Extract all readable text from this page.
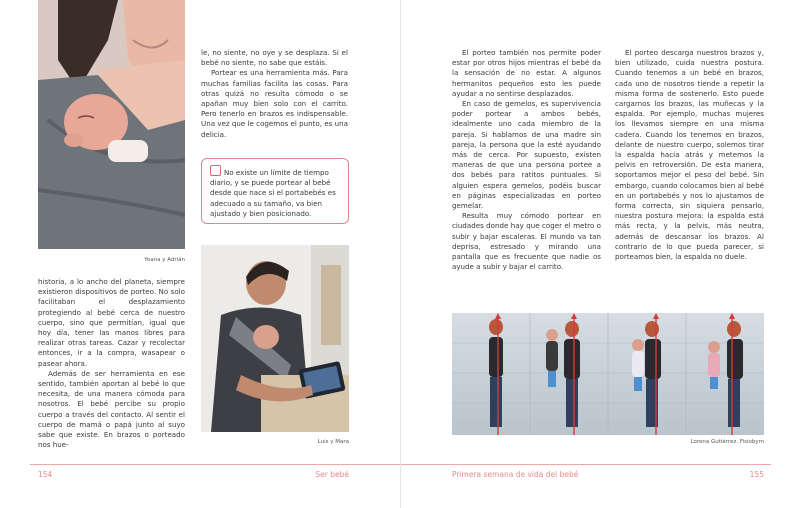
Yoana y Adrián

le, no siente, no oye y se desplaza. Si el bebé no siente, no sabe que estáis.

Portear es una herramienta más. Para muchas familias facilita las cosas. Para otras quizá no resulta cómodo o se apañan muy bien solo con el carrito. Pero tenerlo en brazos es indispensable. Una vez que le cogemos el punto, es una delicia.

No existe un límite de tiempo diario, y se puede portear al bebé desde que nace si el portabebés es adecuado a su tamaño, va bien ajustado y bien posicionado.
Luis y Mara

historia, a lo ancho del planeta, siempre existieron dispositivos de porteo. No solo facilitaban el desplazamiento protegiendo al bebé cerca de nuestro cuerpo, sino que permitían, igual que hoy día, tener las manos libres para realizar otras tareas. Cazar y recolectar entonces, ir a la compra, wasapear o pasear ahora.

Además de ser herramienta en ese sentido, también aportan al bebé lo que necesita, de una manera cómoda para nosotros. El bebé percibe su propio cuerpo a través del contacto. Al sentir el cuerpo de mamá o papá junto al suyo sabe que existe. En brazos o porteado nos hue-

154	Ser bebé

El porteo también nos permite poder estar por otros hijos mientras el bebé da la sensación de no estar. A algunos hermanitos pequeños esto les puede ayudar a no sentirse desplazados.

En caso de gemelos, es supervivencia poder portear a ambos bebés, idealmente uno cada miembro de la pareja. Si hablamos de una madre sin pareja, la persona que la esté ayudando más de cerca. Por supuesto, existen maneras de que una persona portee a dos bebés para ratitos puntuales. Si alguien espera gemelos, podéis buscar en páginas especializadas en porteo gemelar.

Resulta muy cómodo portear en ciudades donde hay que coger el metro o subir y bajar escaleras. El mundo va tan deprisa, estresado y mirando una pantalla que es frecuente que nadie os ayude a subir y bajar el carrito.

El porteo descarga nuestros brazos y, bien utilizado, cuida nuestra postura. Cuando tenemos a un bebé en brazos, cada uno de nosotros tiende a repetir la misma forma de sostenerlo. Esto puede cargarnos los brazos, las muñecas y la espalda. Por ejemplo, muchas mujeres los llevamos siempre en una misma cadera. Cuando los tenemos en brazos, delante de nuestro cuerpo, solemos tirar la espalda hacia atrás y metemos la pelvis en retroversión. De esta manera, soportamos mejor el peso del bebé. Sin embargo, cuando colocamos bien al bebé en un portabebés y nos lo ajustamos de forma correcta, sin siquiera pensarlo, nuestra postura mejora: la espalda está más recta, y la pelvis, más neutra, además de descansar los brazos. Al contrario de lo que pueda parecer, si porteamos bien, la espalda no duele.

Lorena Gutiérrez. Fisiobym
Primera semana de vida del bebé	155
